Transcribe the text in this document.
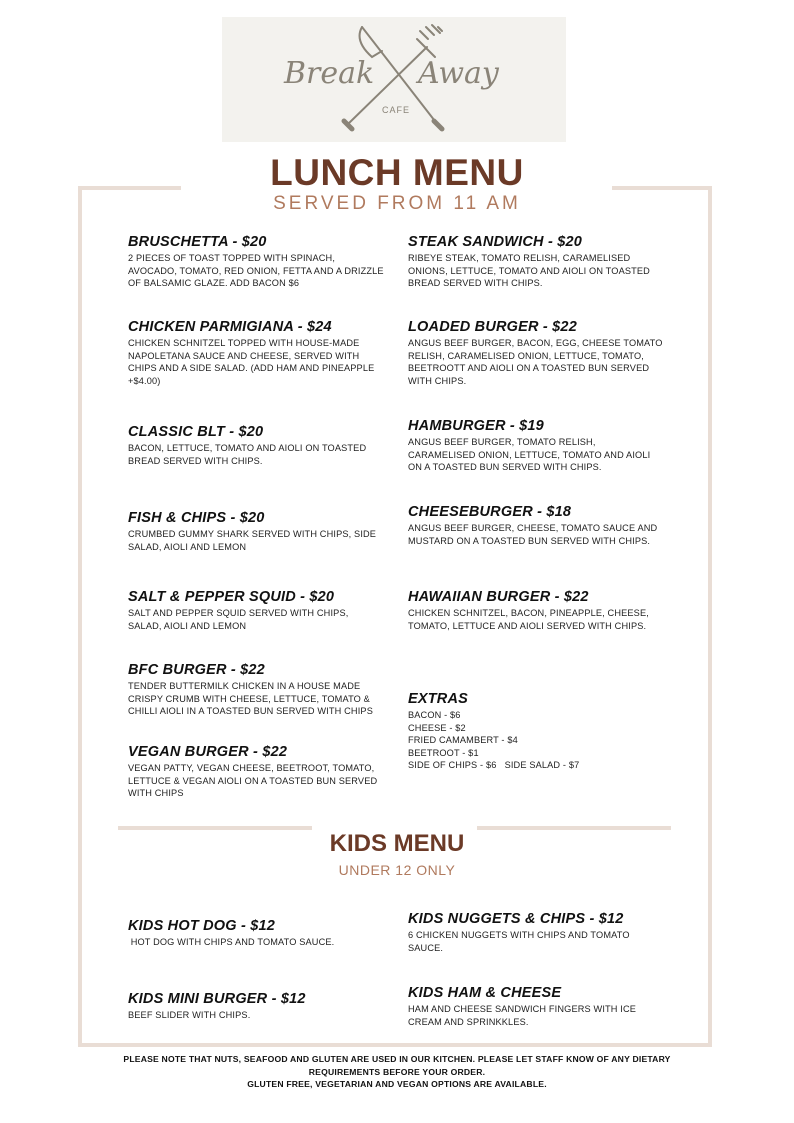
Break Away
CAFE
LUNCH MENU
SERVED FROM 11 AM
BRUSCHETTA - $20
2 PIECES OF TOAST TOPPED WITH SPINACH, AVOCADO, TOMATO, RED ONION, FETTA AND A DRIZZLE OF BALSAMIC GLAZE. ADD BACON $6
CHICKEN PARMIGIANA - $24
CHICKEN SCHNITZEL TOPPED WITH HOUSE-MADE NAPOLETANA SAUCE AND CHEESE, SERVED WITH CHIPS AND A SIDE SALAD. (ADD HAM AND PINEAPPLE +$4.00)
CLASSIC BLT - $20
BACON, LETTUCE, TOMATO AND AIOLI ON TOASTED BREAD SERVED WITH CHIPS.
FISH & CHIPS - $20
CRUMBED GUMMY SHARK SERVED WITH CHIPS, SIDE SALAD, AIOLI AND LEMON
SALT & PEPPER SQUID - $20
SALT AND PEPPER SQUID SERVED WITH CHIPS, SALAD, AIOLI AND LEMON
BFC BURGER - $22
TENDER BUTTERMILK CHICKEN IN A HOUSE MADE CRISPY CRUMB WITH CHEESE, LETTUCE, TOMATO & CHILLI AIOLI IN A TOASTED BUN SERVED WITH CHIPS
VEGAN BURGER - $22
VEGAN PATTY, VEGAN CHEESE, BEETROOT, TOMATO, LETTUCE & VEGAN AIOLI ON A TOASTED BUN SERVED WITH CHIPS
STEAK SANDWICH - $20
RIBEYE STEAK, TOMATO RELISH, CARAMELISED ONIONS, LETTUCE, TOMATO AND AIOLI ON TOASTED BREAD SERVED WITH CHIPS.
LOADED BURGER - $22
ANGUS BEEF BURGER, BACON, EGG, CHEESE TOMATO RELISH, CARAMELISED ONION, LETTUCE, TOMATO, BEETROOTT AND AIOLI ON A TOASTED BUN SERVED WITH CHIPS.
HAMBURGER - $19
ANGUS BEEF BURGER, TOMATO RELISH, CARAMELISED ONION, LETTUCE, TOMATO AND AIOLI ON A TOASTED BUN SERVED WITH CHIPS.
CHEESEBURGER - $18
ANGUS BEEF BURGER, CHEESE, TOMATO SAUCE AND MUSTARD ON A TOASTED BUN SERVED WITH CHIPS.
HAWAIIAN BURGER - $22
CHICKEN SCHNITZEL, BACON, PINEAPPLE, CHEESE, TOMATO, LETTUCE AND AIOLI SERVED WITH CHIPS.
EXTRAS
BACON - $6
CHEESE - $2
FRIED CAMAMBERT - $4
BEETROOT - $1
SIDE OF CHIPS - $6   SIDE SALAD - $7
KIDS MENU
UNDER 12 ONLY
KIDS HOT DOG - $12
HOT DOG WITH CHIPS AND TOMATO SAUCE.
KIDS NUGGETS & CHIPS - $12
6 CHICKEN NUGGETS WITH CHIPS AND TOMATO SAUCE.
KIDS MINI BURGER - $12
BEEF SLIDER WITH CHIPS.
KIDS HAM & CHEESE
HAM AND CHEESE SANDWICH FINGERS WITH ICE CREAM AND SPRINKKLES.
PLEASE NOTE THAT NUTS, SEAFOOD AND GLUTEN ARE USED IN OUR KITCHEN. PLEASE LET STAFF KNOW OF ANY DIETARY
REQUIREMENTS BEFORE YOUR ORDER.
GLUTEN FREE, VEGETARIAN AND VEGAN OPTIONS ARE AVAILABLE.
